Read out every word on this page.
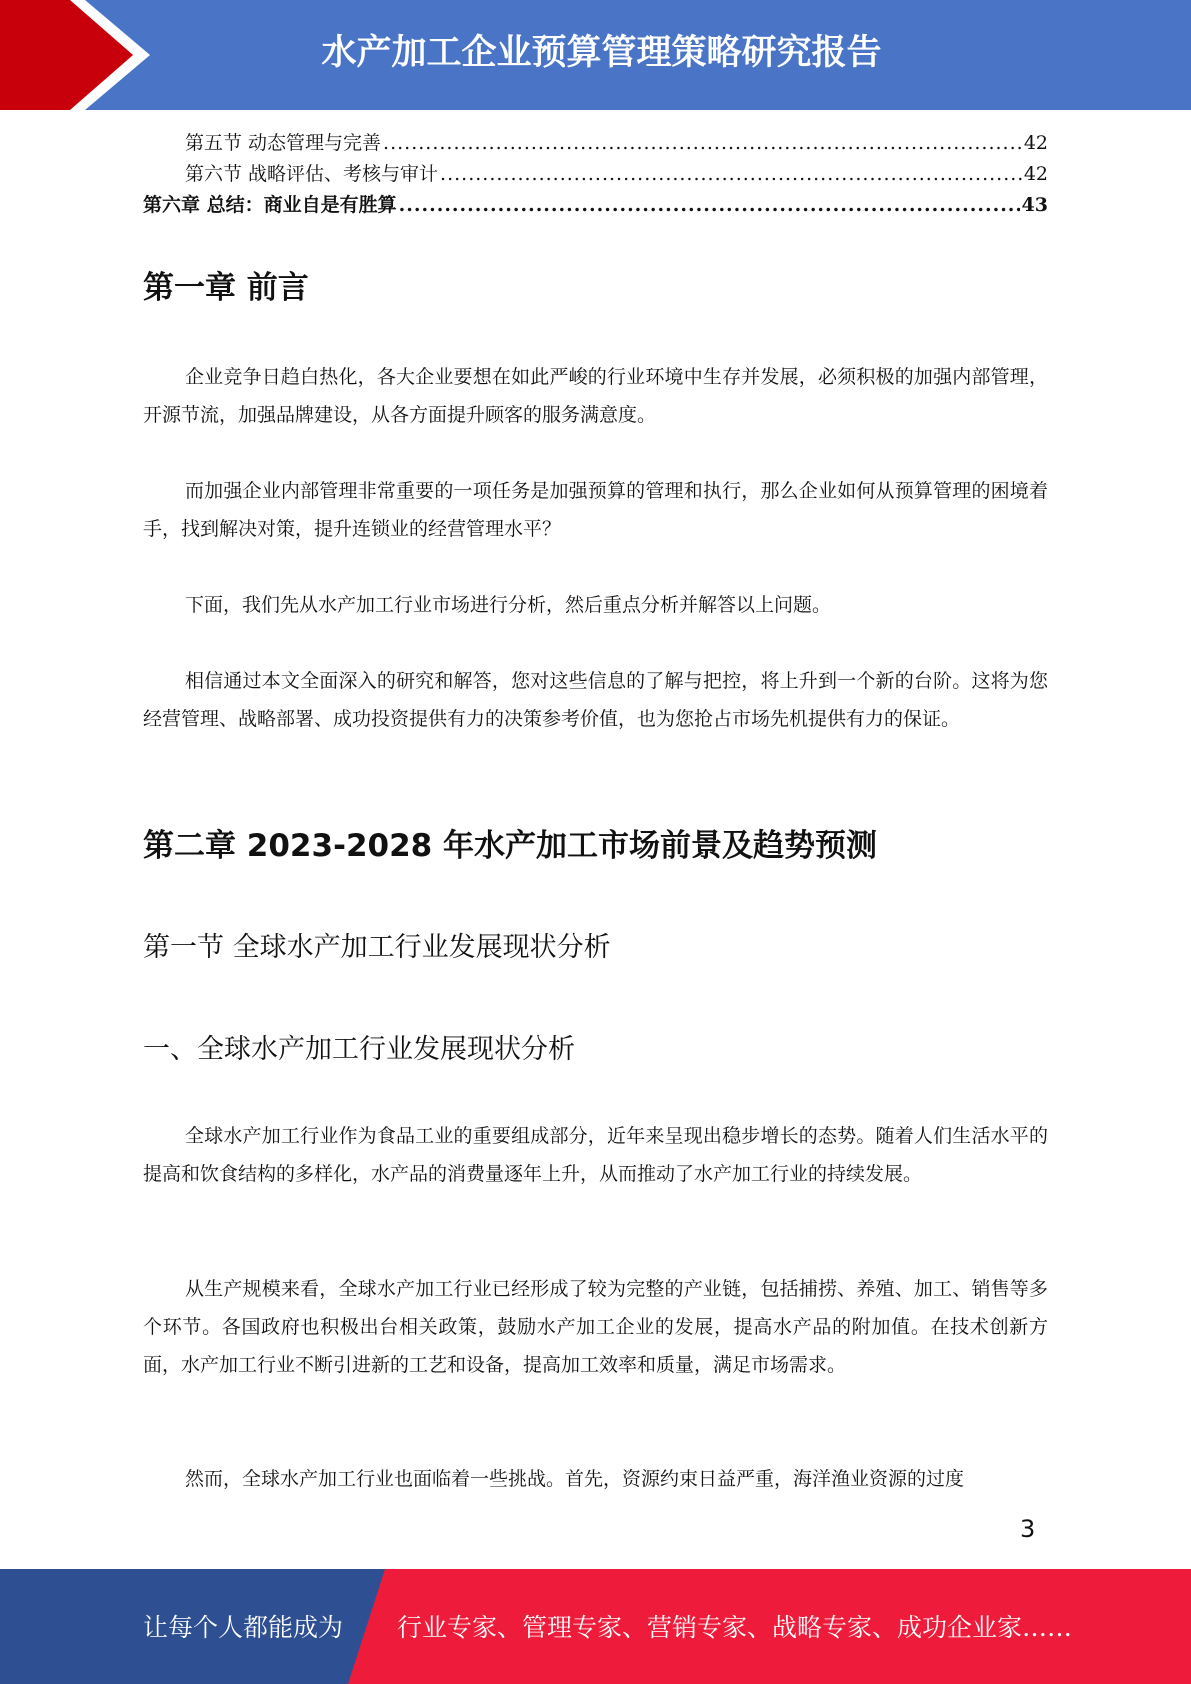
水产加工企业预算管理策略研究报告
第五节 动态管理与完善 .....	42
第六节 战略评估、考核与审计 .....	42
第六章 总结：商业自是有胜算 .....	43
第一章 前言
企业竞争日趋白热化，各大企业要想在如此严峻的行业环境中生存并发展，必须积极的加强内部管理，开源节流，加强品牌建设，从各方面提升顾客的服务满意度。
而加强企业内部管理非常重要的一项任务是加强预算的管理和执行，那么企业如何从预算管理的困境着手，找到解决对策，提升连锁业的经营管理水平？
下面，我们先从水产加工行业市场进行分析，然后重点分析并解答以上问题。
相信通过本文全面深入的研究和解答，您对这些信息的了解与把控，将上升到一个新的台阶。这将为您经营管理、战略部署、成功投资提供有力的决策参考价值，也为您抢占市场先机提供有力的保证。
第二章 2023-2028 年水产加工市场前景及趋势预测
第一节 全球水产加工行业发展现状分析
一、全球水产加工行业发展现状分析
全球水产加工行业作为食品工业的重要组成部分，近年来呈现出稳步增长的态势。随着人们生活水平的提高和饮食结构的多样化，水产品的消费量逐年上升，从而推动了水产加工行业的持续发展。
从生产规模来看，全球水产加工行业已经形成了较为完整的产业链，包括捕捞、养殖、加工、销售等多个环节。各国政府也积极出台相关政策，鼓励水产加工企业的发展，提高水产品的附加值。在技术创新方面，水产加工行业不断引进新的工艺和设备，提高加工效率和质量，满足市场需求。
然而，全球水产加工行业也面临着一些挑战。首先，资源约束日益严重，海洋渔业资源的过度
3
让每个人都能成为 行业专家、管理专家、营销专家、战略专家、成功企业家……
